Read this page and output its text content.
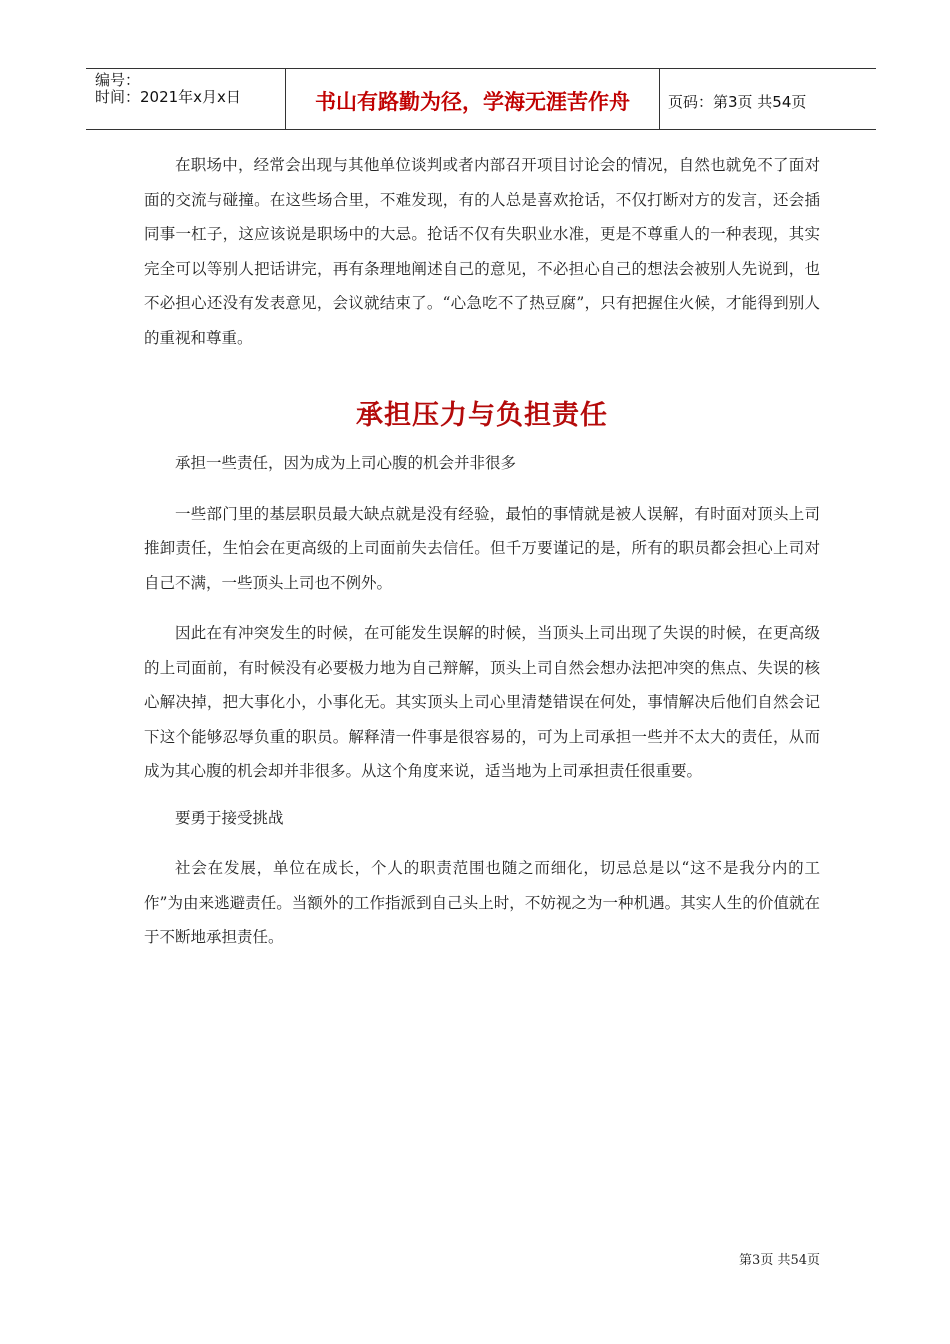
编号：
时间：2021年x月x日	书山有路勤为径，学海无涯苦作舟	页码：第3页 共54页

在职场中，经常会出现与其他单位谈判或者内部召开项目讨论会的情况，自然也就免不了面对面的交流与碰撞。在这些场合里，不难发现，有的人总是喜欢抢话，不仅打断对方的发言，还会插同事一杠子，这应该说是职场中的大忌。抢话不仅有失职业水准，更是不尊重人的一种表现，其实完全可以等别人把话讲完，再有条理地阐述自己的意见，不必担心自己的想法会被别人先说到，也不必担心还没有发表意见，会议就结束了。“心急吃不了热豆腐”，只有把握住火候，才能得到别人的重视和尊重。

承担压力与负担责任

承担一些责任，因为成为上司心腹的机会并非很多

一些部门里的基层职员最大缺点就是没有经验，最怕的事情就是被人误解，有时面对顶头上司推卸责任，生怕会在更高级的上司面前失去信任。但千万要谨记的是，所有的职员都会担心上司对自己不满，一些顶头上司也不例外。

因此在有冲突发生的时候，在可能发生误解的时候，当顶头上司出现了失误的时候，在更高级的上司面前，有时候没有必要极力地为自己辩解，顶头上司自然会想办法把冲突的焦点、失误的核心解决掉，把大事化小，小事化无。其实顶头上司心里清楚错误在何处，事情解决后他们自然会记下这个能够忍辱负重的职员。解释清一件事是很容易的，可为上司承担一些并不太大的责任，从而成为其心腹的机会却并非很多。从这个角度来说，适当地为上司承担责任很重要。

要勇于接受挑战

社会在发展，单位在成长，个人的职责范围也随之而细化，切忌总是以“这不是我分内的工作”为由来逃避责任。当额外的工作指派到自己头上时，不妨视之为一种机遇。其实人生的价值就在于不断地承担责任。

第3页 共54页
